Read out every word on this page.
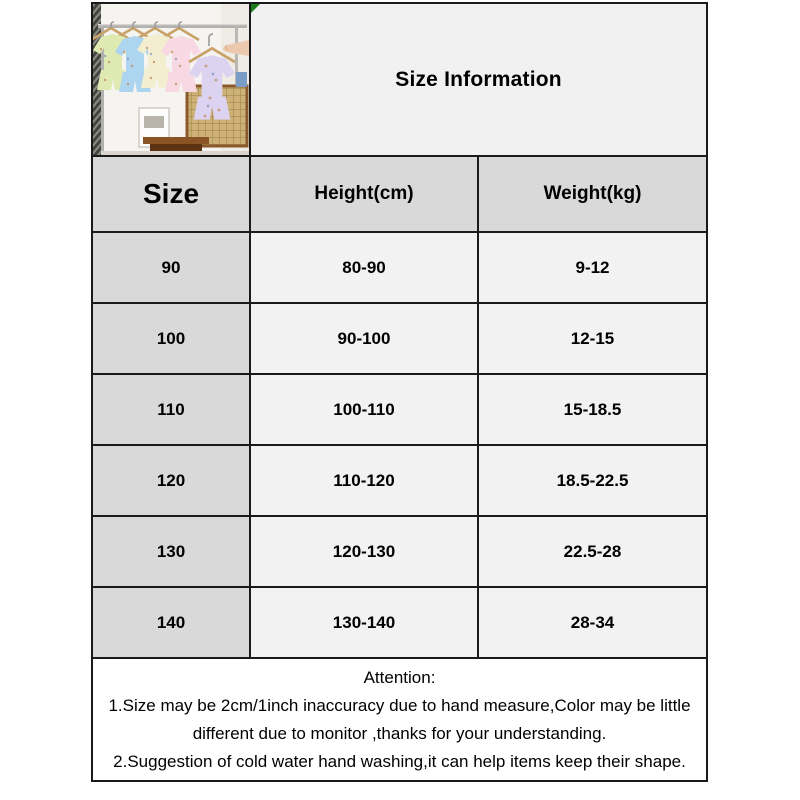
Size Information	
Size	Height(cm)	Weight(kg)
90	80-90	9-12
100	90-100	12-15
110	100-110	15-18.5
120	110-120	18.5-22.5
130	120-130	22.5-28
140	130-140	28-34

Attention:

1.Size may be 2cm/1inch inaccuracy due to hand measure,Color may be little different due to monitor ,thanks for your understanding.

2.Suggestion of cold water hand washing,it can help items keep their shape.		
